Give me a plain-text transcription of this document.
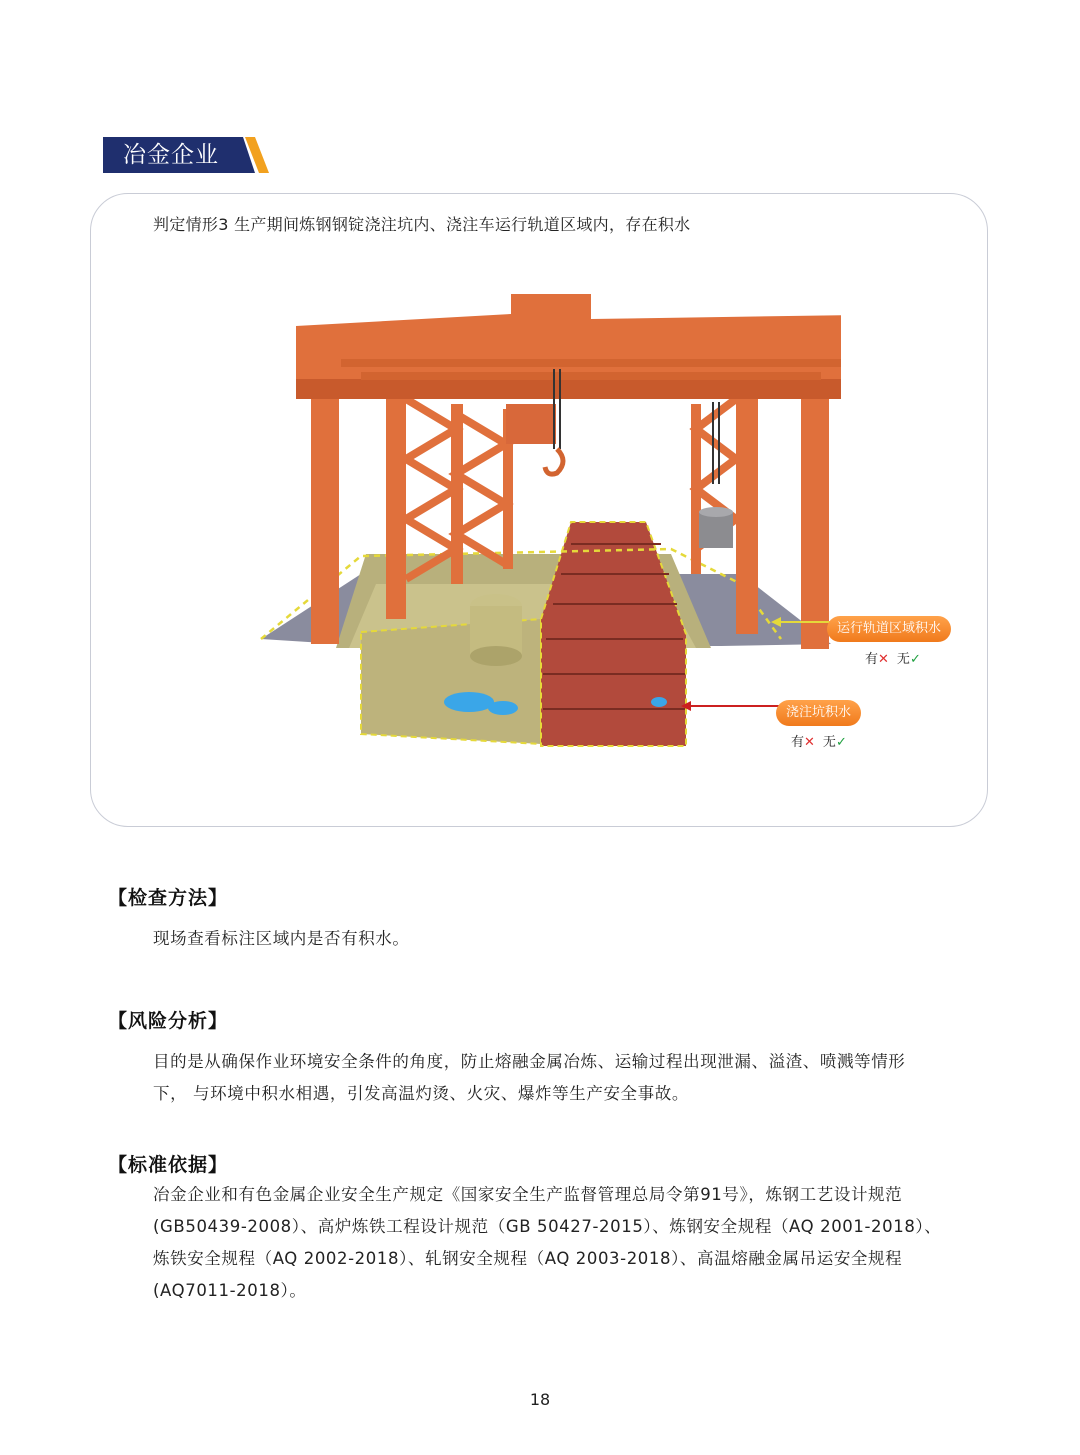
冶金企业
判定情形3 生产期间炼钢钢锭浇注坑内、浇注车运行轨道区域内，存在积水
运行轨道区域积水
有✕ 无✓
浇注坑积水
有✕ 无✓
【检查方法】

现场查看标注区域内是否有积水。

【风险分析】

目的是从确保作业环境安全条件的角度，防止熔融金属冶炼、运输过程出现泄漏、溢渣、喷溅等情形

下， 与环境中积水相遇，引发高温灼烫、火灾、爆炸等生产安全事故。

【标准依据】

冶金企业和有色金属企业安全生产规定《国家安全生产监督管理总局令第91号》，炼钢工艺设计规范

(GB50439-2008）、高炉炼铁工程设计规范（GB 50427-2015）、炼钢安全规程（AQ 2001-2018）、

炼铁安全规程（AQ 2002-2018）、轧钢安全规程（AQ 2003-2018）、高温熔融金属吊运安全规程

(AQ7011-2018）。

18
